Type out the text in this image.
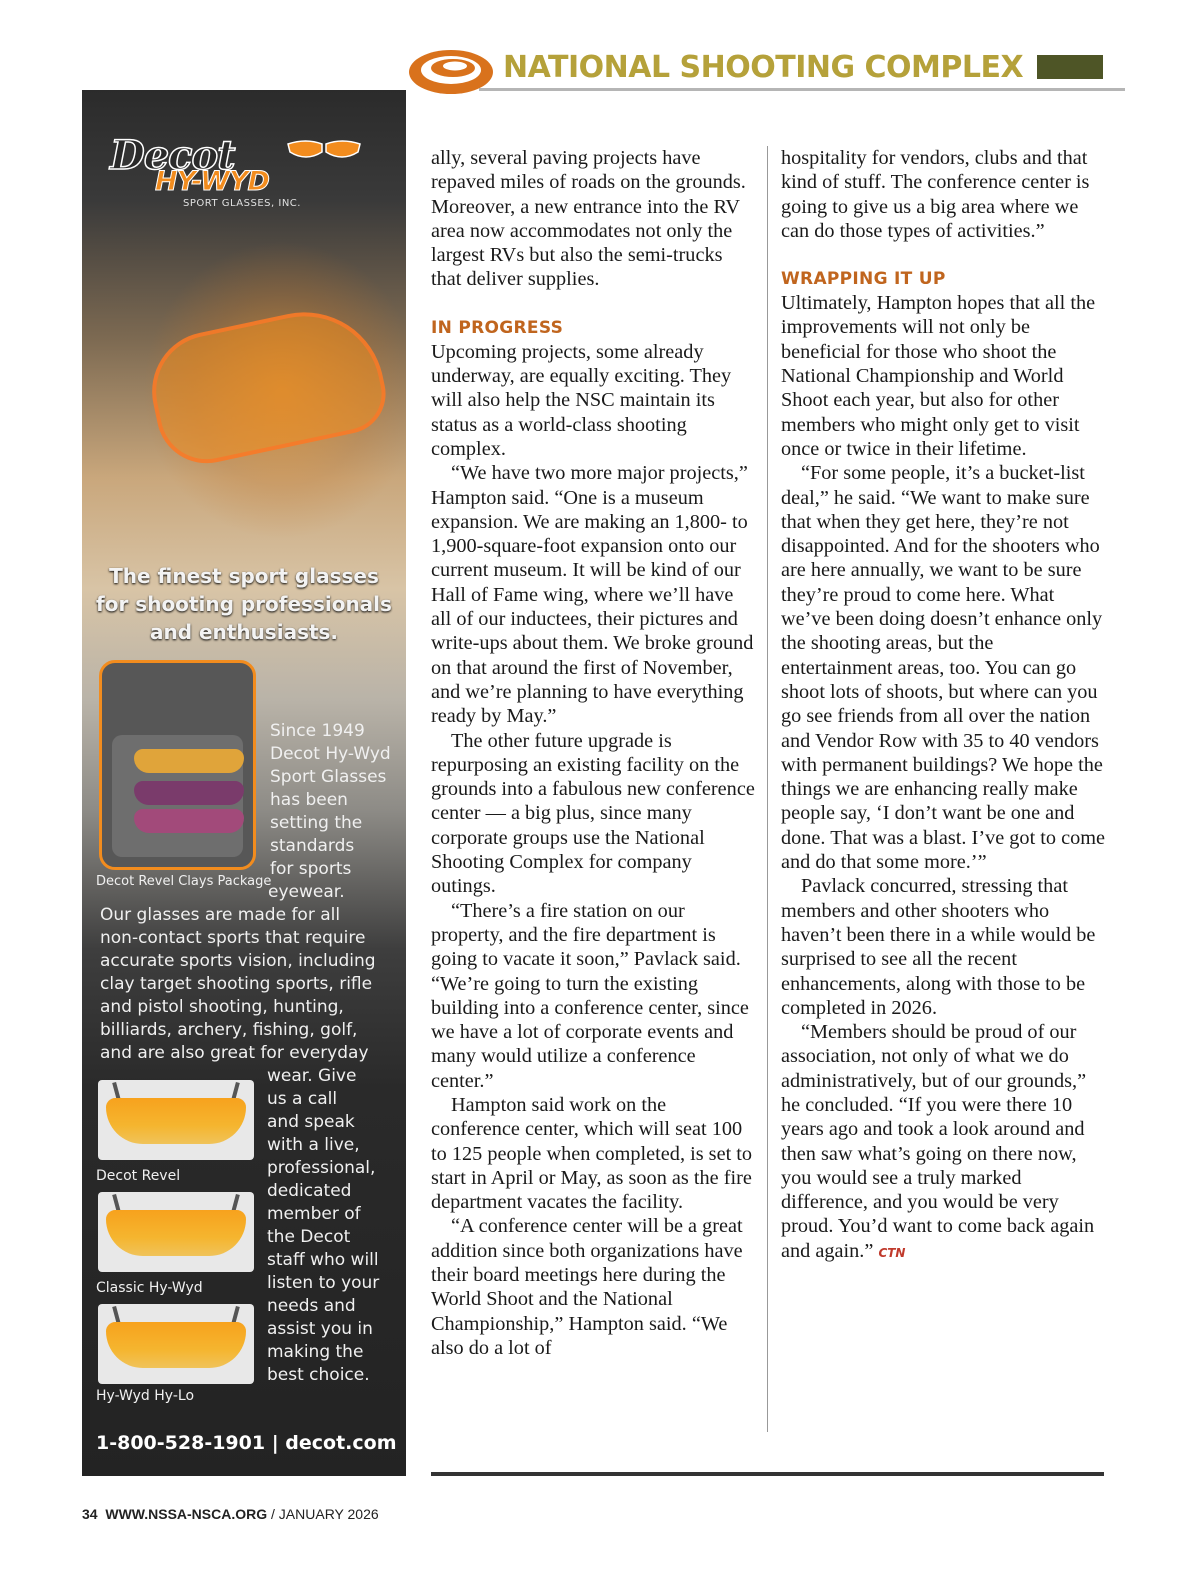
NATIONAL SHOOTING COMPLEX
Decot
HY-WYD
SPORT GLASSES, INC.
The finest sport glasses
for shooting professionals
and enthusiasts.
Decot Revel Clays Package
Since 1949
Decot Hy-Wyd
Sport Glasses
has been
setting the
standards
for sports
eyewear.
Our glasses are made for all
non-contact sports that require
accurate sports vision, including
clay target shooting sports, rifle
and pistol shooting, hunting,
billiards, archery, fishing, golf,
and are also great for everyday
wear. Give
us a call
and speak
with a live,
professional,
dedicated
member of
the Decot
staff who will
listen to your
needs and
assist you in
making the
best choice.
Decot Revel
Classic Hy-Wyd
Hy-Wyd Hy-Lo
1-800-528-1901 | decot.com

ally, several paving projects have repaved miles of roads on the grounds. Moreover, a new entrance into the RV area now accommodates not only the largest RVs but also the semi-trucks that deliver supplies.

IN PROGRESS

Upcoming projects, some already underway, are equally exciting. They will also help the NSC maintain its status as a world-class shooting complex.

“We have two more major projects,” Hampton said. “One is a museum expansion. We are making an 1,800- to 1,900-square-foot expansion onto our current museum. It will be kind of our Hall of Fame wing, where we’ll have all of our inductees, their pictures and write-ups about them. We broke ground on that around the first of November, and we’re planning to have everything ready by May.”

The other future upgrade is repurposing an existing facility on the grounds into a fabulous new conference center — a big plus, since many corporate groups use the National Shooting Complex for company outings.

“There’s a fire station on our property, and the fire department is going to vacate it soon,” Pavlack said. “We’re going to turn the existing building into a conference center, since we have a lot of corporate events and many would utilize a conference center.”

Hampton said work on the conference center, which will seat 100 to 125 people when completed, is set to start in April or May, as soon as the fire department vacates the facility.

“A conference center will be a great addition since both organizations have their board meetings here during the World Shoot and the National Championship,” Hampton said. “We also do a lot of

hospitality for vendors, clubs and that kind of stuff. The conference center is going to give us a big area where we can do those types of activities.”

WRAPPING IT UP

Ultimately, Hampton hopes that all the improvements will not only be beneficial for those who shoot the National Championship and World Shoot each year, but also for other members who might only get to visit once or twice in their lifetime.

“For some people, it’s a bucket-list deal,” he said. “We want to make sure that when they get here, they’re not disappointed. And for the shooters who are here annually, we want to be sure they’re proud to come here. What we’ve been doing doesn’t enhance only the shooting areas, but the entertainment areas, too. You can go shoot lots of shoots, but where can you go see friends from all over the nation and Vendor Row with 35 to 40 vendors with permanent buildings? We hope the things we are enhancing really make people say, ‘I don’t want be one and done. That was a blast. I’ve got to come and do that some more.’”

Pavlack concurred, stressing that members and other shooters who haven’t been there in a while would be surprised to see all the recent enhancements, along with those to be completed in 2026.

“Members should be proud of our association, not only of what we do administratively, but of our grounds,” he concluded. “If you were there 10 years ago and took a look around and then saw what’s going on there now, you would see a truly marked difference, and you would be very proud. You’d want to come back again and again.” CTN

34 WWW.NSSA-NSCA.ORG / JANUARY 2026
